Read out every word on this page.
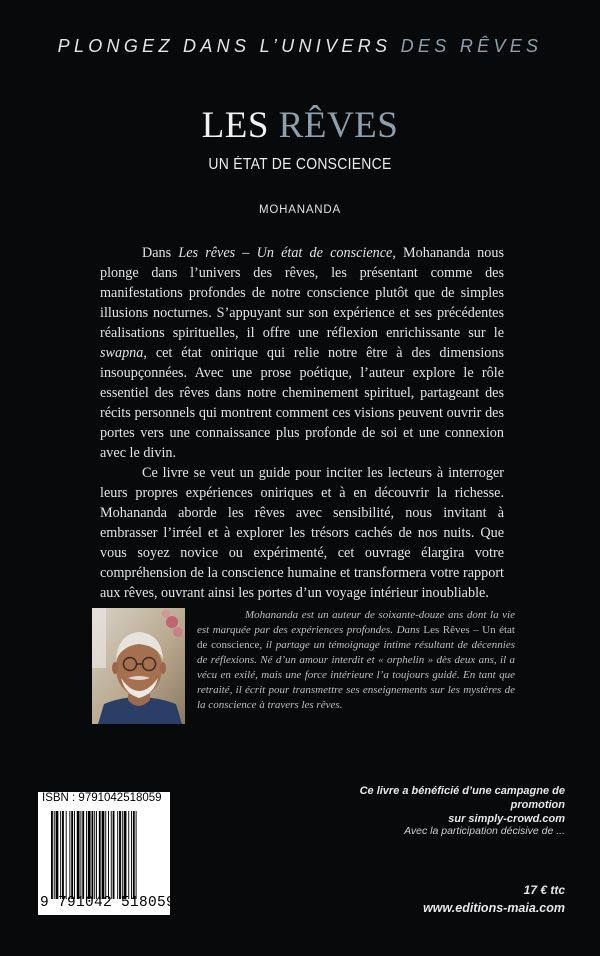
PLONGEZ DANS L’UNIVERS DES RÊVES
LES RÊVES
UN ÉTAT DE CONSCIENCE
MOHANANDA

Dans Les rêves – Un état de conscience, Mohananda nous plonge dans l’univers des rêves, les présentant comme des manifestations profondes de notre conscience plutôt que de simples illusions nocturnes. S’appuyant sur son expérience et ses précédentes réalisations spirituelles, il offre une réflexion enrichissante sur le swapna, cet état onirique qui relie notre être à des dimensions insoupçonnées. Avec une prose poétique, l’auteur explore le rôle essentiel des rêves dans notre cheminement spirituel, partageant des récits personnels qui montrent comment ces visions peuvent ouvrir des portes vers une connaissance plus profonde de soi et une connexion avec le divin.

Ce livre se veut un guide pour inciter les lecteurs à interroger leurs propres expériences oniriques et à en découvrir la richesse. Mohananda aborde les rêves avec sensibilité, nous invitant à embrasser l’irréel et à explorer les trésors cachés de nos nuits. Que vous soyez novice ou expérimenté, cet ouvrage élargira votre compréhension de la conscience humaine et transformera votre rapport aux rêves, ouvrant ainsi les portes d’un voyage intérieur inoubliable.

Mohananda est un auteur de soixante-douze ans dont la vie est marquée par des expériences profondes. Dans Les Rêves – Un état de conscience, il partage un témoignage intime résultant de décennies de réflexions. Né d’un amour interdit et « orphelin » dès deux ans, il a vécu en exilé, mais une force intérieure l’a toujours guidé. En tant que retraité, il écrit pour transmettre ses enseignements sur les mystères de la conscience à travers les rêves.

ISBN : 9791042518059
9 791042 518059
Ce livre a bénéficié d’une campagne de promotion
sur simply-crowd.com
Avec la participation décisive de ...
17 € ttc
www.editions-maia.com
